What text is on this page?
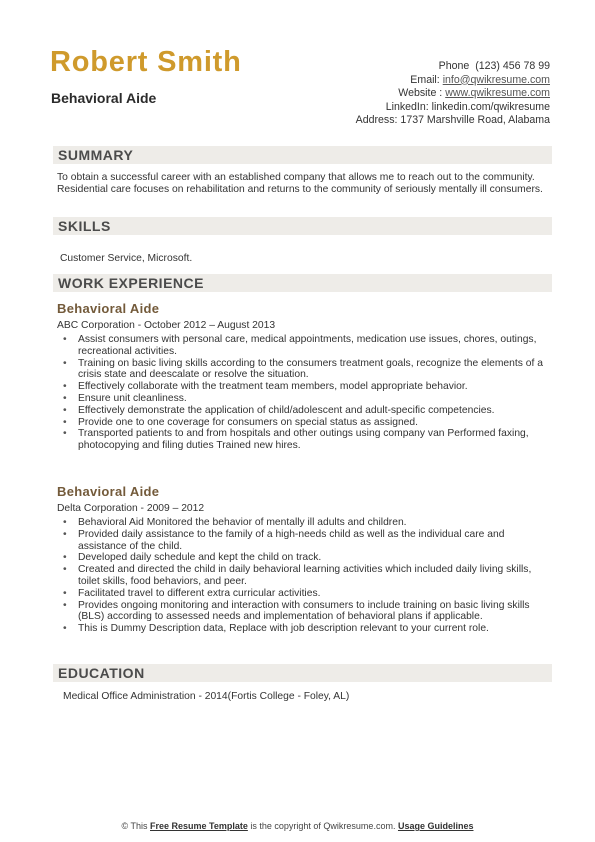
Robert Smith
Behavioral Aide
Phone (123) 456 78 99
Email: info@qwikresume.com
Website : www.qwikresume.com
LinkedIn: linkedin.com/qwikresume
Address: 1737 Marshville Road, Alabama
SUMMARY
To obtain a successful career with an established company that allows me to reach out to the community. Residential care focuses on rehabilitation and returns to the community of seriously mentally ill consumers.
SKILLS
Customer Service, Microsoft.
WORK EXPERIENCE
Behavioral Aide
ABC Corporation - October 2012 – August 2013
• Assist consumers with personal care, medical appointments, medication use issues, chores, outings, recreational activities.
• Training on basic living skills according to the consumers treatment goals, recognize the elements of a crisis state and deescalate or resolve the situation.
• Effectively collaborate with the treatment team members, model appropriate behavior.
• Ensure unit cleanliness.
• Effectively demonstrate the application of child/adolescent and adult-specific competencies.
• Provide one to one coverage for consumers on special status as assigned.
• Transported patients to and from hospitals and other outings using company van Performed faxing, photocopying and filing duties Trained new hires.
Behavioral Aide
Delta Corporation - 2009 – 2012
• Behavioral Aid Monitored the behavior of mentally ill adults and children.
• Provided daily assistance to the family of a high-needs child as well as the individual care and assistance of the child.
• Developed daily schedule and kept the child on track.
• Created and directed the child in daily behavioral learning activities which included daily living skills, toilet skills, food behaviors, and peer.
• Facilitated travel to different extra curricular activities.
• Provides ongoing monitoring and interaction with consumers to include training on basic living skills (BLS) according to assessed needs and implementation of behavioral plans if applicable.
• This is Dummy Description data, Replace with job description relevant to your current role.
EDUCATION
Medical Office Administration - 2014(Fortis College - Foley, AL)
© This Free Resume Template is the copyright of Qwikresume.com. Usage Guidelines
